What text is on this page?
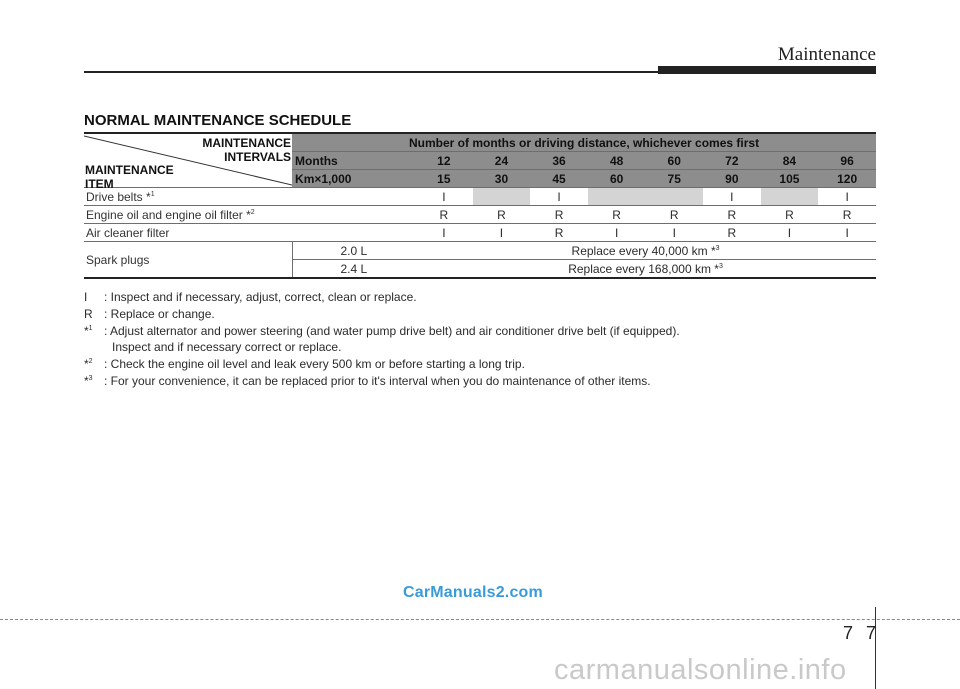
Maintenance
NORMAL MAINTENANCE SCHEDULE
MAINTENANCE
INTERVALS
MAINTENANCE
ITEM	Number of months or driving distance, whichever comes first								
	Months	12	24	36	48	60	72	84	96
	Km×1,000	15	30	45	60	75	90	105	120
Drive belts *$^1$		I		I			I		I
Engine oil and engine oil filter *$^2$		R	R	R	R	R	R	R	R
Air cleaner filter		I	I	R	I	I	R	I	I
Spark plugs	2.0 L	Replace every 40,000 km *$^3$
	2.4 L	Replace every 168,000 km *$^3$
I : Inspect and if necessary, adjust, correct, clean or replace.
R : Replace or change.
*$^1$ : Adjust alternator and power steering (and water pump drive belt) and air conditioner drive belt (if equipped).
Inspect and if necessary correct or replace.
*$^2$ : Check the engine oil level and leak every 500 km or before starting a long trip.
*$^3$ : For your convenience, it can be replaced prior to it's interval when you do maintenance of other items.
CarManuals2.com
7 7
carmanualsonline.info
